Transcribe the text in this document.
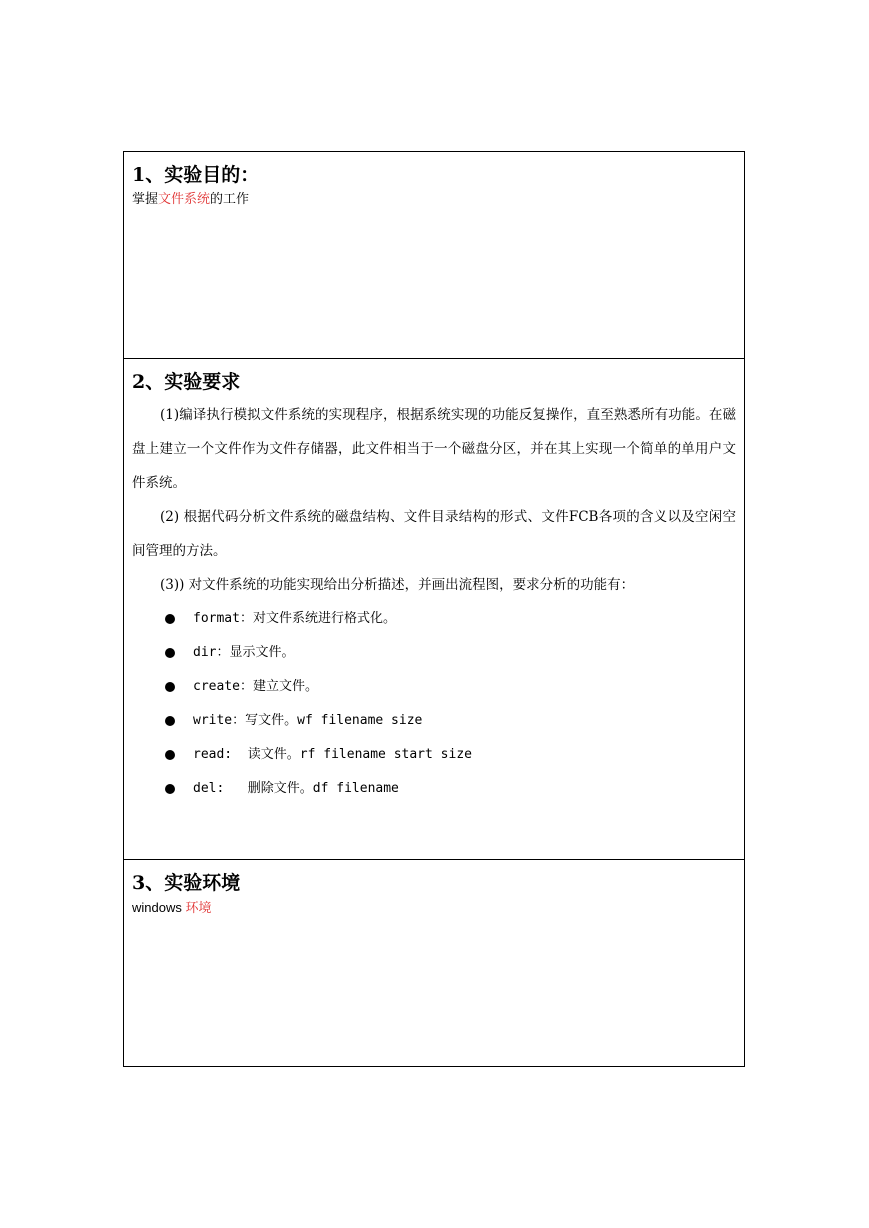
1、实验目的：

掌握文件系统的工作

2、实验要求

(1)编译执行模拟文件系统的实现程序，根据系统实现的功能反复操作，直至熟悉所有功能。在磁盘上建立一个文件作为文件存储器，此文件相当于一个磁盘分区，并在其上实现一个简单的单用户文件系统。

(2) 根据代码分析文件系统的磁盘结构、文件目录结构的形式、文件FCB各项的含义以及空闲空间管理的方法。

(3)) 对文件系统的功能实现给出分析描述，并画出流程图，要求分析的功能有：

format：对文件系统进行格式化。
dir：显示文件。
create：建立文件。
write：写文件。wf filename size
read:  读文件。rf filename start size
del:   删除文件。df filename
3、实验环境

windows 环境
